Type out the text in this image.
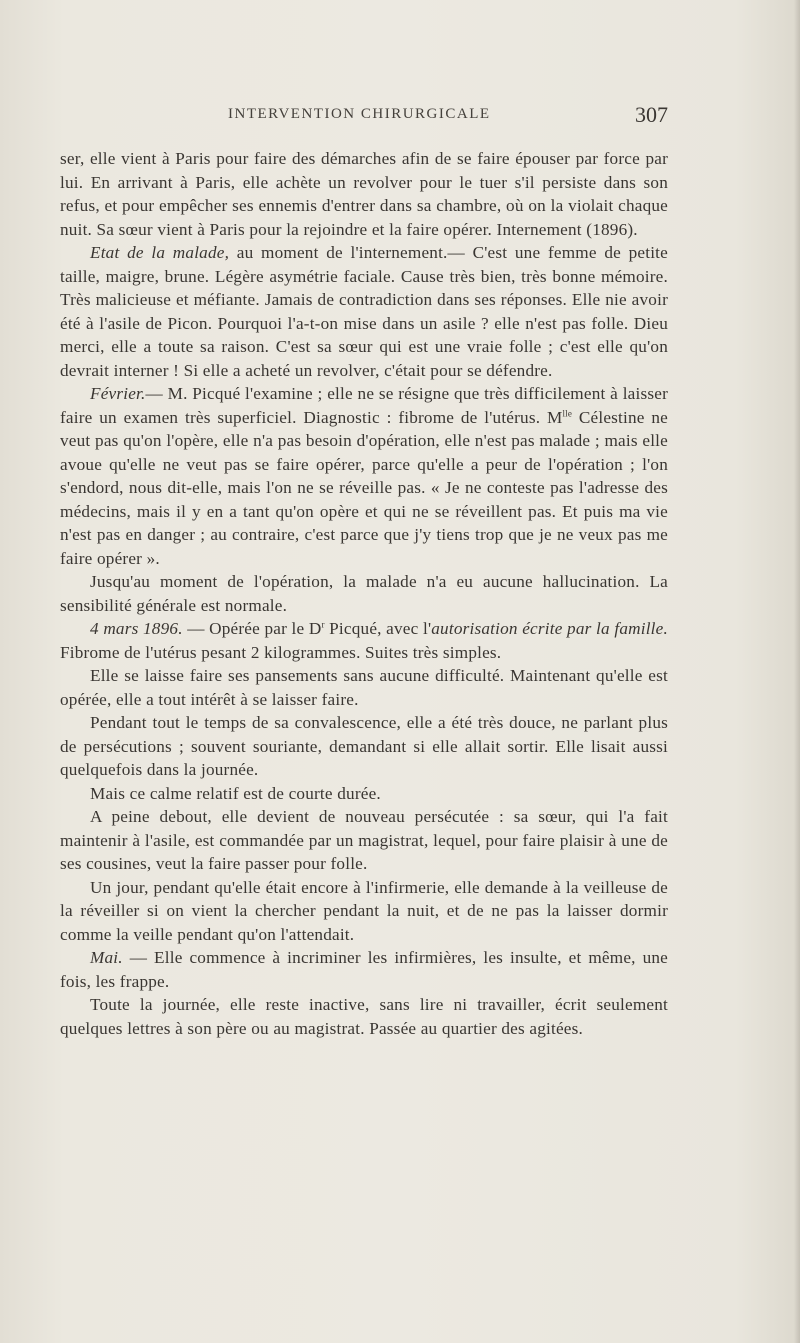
INTERVENTION CHIRURGICALE	307

ser, elle vient à Paris pour faire des démarches afin de se faire épouser par force par lui. En arrivant à Paris, elle achète un revolver pour le tuer s'il persiste dans son refus, et pour empêcher ses ennemis d'entrer dans sa chambre, où on la violait chaque nuit. Sa sœur vient à Paris pour la rejoindre et la faire opérer. Internement (1896).

Etat de la malade, au moment de l'internement.— C'est une femme de petite taille, maigre, brune. Légère asymétrie faciale. Cause très bien, très bonne mémoire. Très malicieuse et méfiante. Jamais de contradiction dans ses réponses. Elle nie avoir été à l'asile de Picon. Pourquoi l'a-t-on mise dans un asile ? elle n'est pas folle. Dieu merci, elle a toute sa raison. C'est sa sœur qui est une vraie folle ; c'est elle qu'on devrait interner ! Si elle a acheté un revolver, c'était pour se défendre.

Février.— M. Picqué l'examine ; elle ne se résigne que très difficilement à laisser faire un examen très superficiel. Diagnostic : fibrome de l'utérus. $M^{lle}$ Célestine ne veut pas qu'on l'opère, elle n'a pas besoin d'opération, elle n'est pas malade ; mais elle avoue qu'elle ne veut pas se faire opérer, parce qu'elle a peur de l'opération ; l'on s'endord, nous dit-elle, mais l'on ne se réveille pas. « Je ne conteste pas l'adresse des médecins, mais il y en a tant qu'on opère et qui ne se réveillent pas. Et puis ma vie n'est pas en danger ; au contraire, c'est parce que j'y tiens trop que je ne veux pas me faire opérer ».

Jusqu'au moment de l'opération, la malade n'a eu aucune hallucination. La sensibilité générale est normale.

4 mars 1896. — Opérée par le $D^r$ Picqué, avec l'autorisation écrite par la famille. Fibrome de l'utérus pesant 2 kilogrammes. Suites très simples.

Elle se laisse faire ses pansements sans aucune difficulté. Maintenant qu'elle est opérée, elle a tout intérêt à se laisser faire.

Pendant tout le temps de sa convalescence, elle a été très douce, ne parlant plus de persécutions ; souvent souriante, demandant si elle allait sortir. Elle lisait aussi quelquefois dans la journée.

Mais ce calme relatif est de courte durée.

A peine debout, elle devient de nouveau persécutée : sa sœur, qui l'a fait maintenir à l'asile, est commandée par un magistrat, lequel, pour faire plaisir à une de ses cousines, veut la faire passer pour folle.

Un jour, pendant qu'elle était encore à l'infirmerie, elle demande à la veilleuse de la réveiller si on vient la chercher pendant la nuit, et de ne pas la laisser dormir comme la veille pendant qu'on l'attendait.

Mai. — Elle commence à incriminer les infirmières, les insulte, et même, une fois, les frappe.

Toute la journée, elle reste inactive, sans lire ni travailler, écrit seulement quelques lettres à son père ou au magistrat. Passée au quartier des agitées.
